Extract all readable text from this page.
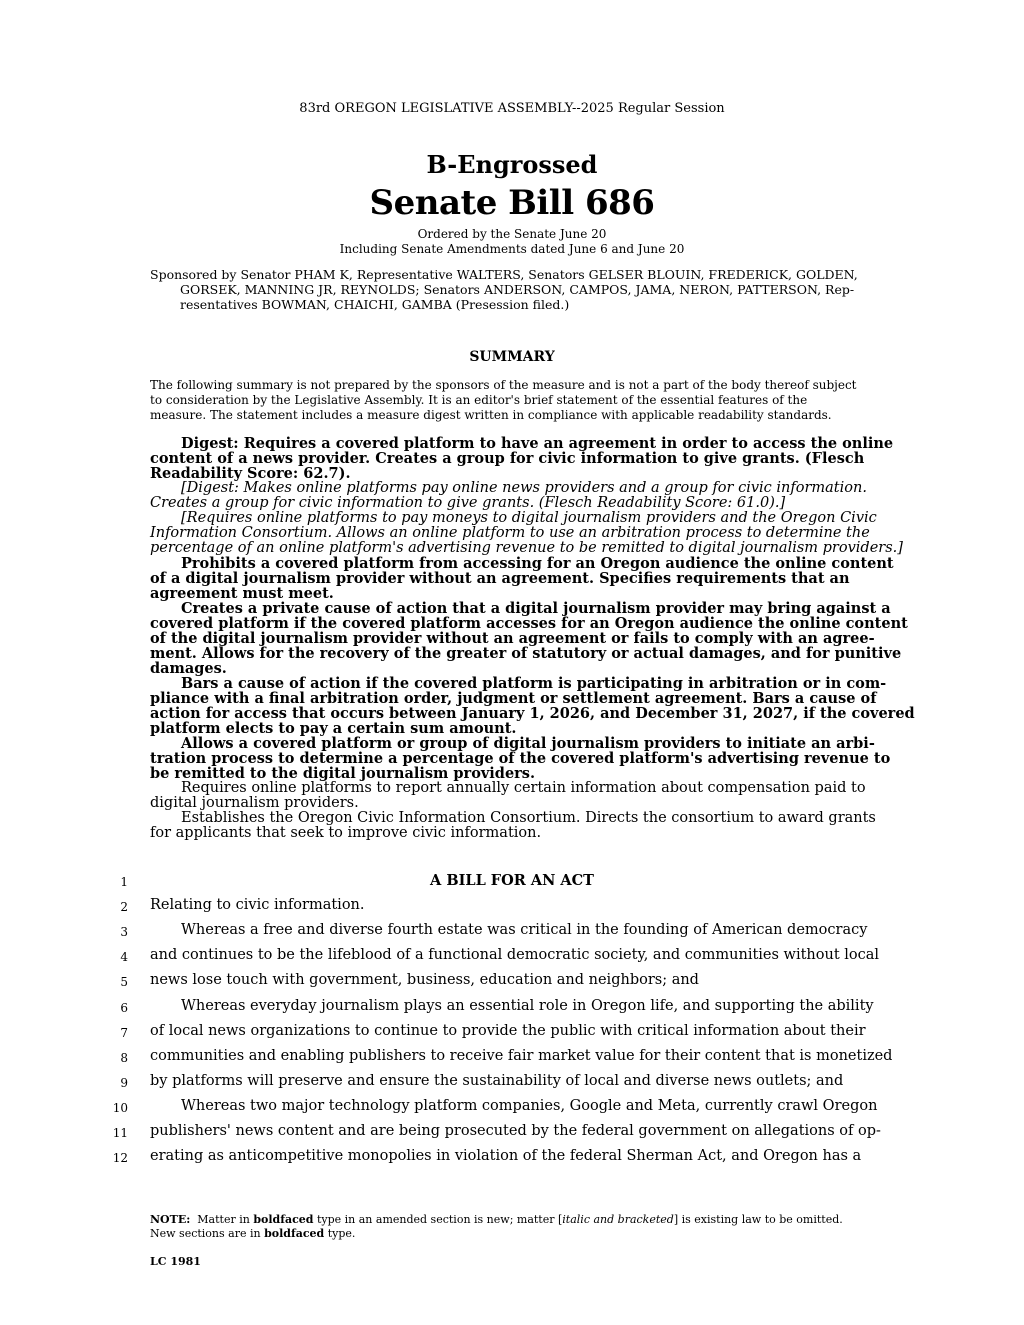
83rd OREGON LEGISLATIVE ASSEMBLY--2025 Regular Session
B-Engrossed
Senate Bill 686
Ordered by the Senate June 20
Including Senate Amendments dated June 6 and June 20
Sponsored by Senator PHAM K, Representative WALTERS, Senators GELSER BLOUIN, FREDERICK, GOLDEN,
GORSEK, MANNING JR, REYNOLDS; Senators ANDERSON, CAMPOS, JAMA, NERON, PATTERSON, Rep-
resentatives BOWMAN, CHAICHI, GAMBA (Presession filed.)
SUMMARY
The following summary is not prepared by the sponsors of the measure and is not a part of the body thereof subject
to consideration by the Legislative Assembly. It is an editor's brief statement of the essential features of the
measure. The statement includes a measure digest written in compliance with applicable readability standards.
Digest: Requires a covered platform to have an agreement in order to access the online
content of a news provider. Creates a group for civic information to give grants. (Flesch
Readability Score: 62.7).
[Digest: Makes online platforms pay online news providers and a group for civic information.
Creates a group for civic information to give grants. (Flesch Readability Score: 61.0).]
[Requires online platforms to pay moneys to digital journalism providers and the Oregon Civic
Information Consortium. Allows an online platform to use an arbitration process to determine the
percentage of an online platform's advertising revenue to be remitted to digital journalism providers.]
Prohibits a covered platform from accessing for an Oregon audience the online content
of a digital journalism provider without an agreement. Specifies requirements that an
agreement must meet.
Creates a private cause of action that a digital journalism provider may bring against a
covered platform if the covered platform accesses for an Oregon audience the online content
of the digital journalism provider without an agreement or fails to comply with an agree-
ment. Allows for the recovery of the greater of statutory or actual damages, and for punitive
damages.
Bars a cause of action if the covered platform is participating in arbitration or in com-
pliance with a final arbitration order, judgment or settlement agreement. Bars a cause of
action for access that occurs between January 1, 2026, and December 31, 2027, if the covered
platform elects to pay a certain sum amount.
Allows a covered platform or group of digital journalism providers to initiate an arbi-
tration process to determine a percentage of the covered platform's advertising revenue to
be remitted to the digital journalism providers.
Requires online platforms to report annually certain information about compensation paid to
digital journalism providers.
Establishes the Oregon Civic Information Consortium. Directs the consortium to award grants
for applicants that seek to improve civic information.
A BILL FOR AN ACT
1
2 Relating to civic information.
3	Whereas a free and diverse fourth estate was critical in the founding of American democracy
4 and continues to be the lifeblood of a functional democratic society, and communities without local
5 news lose touch with government, business, education and neighbors; and
6	Whereas everyday journalism plays an essential role in Oregon life, and supporting the ability
7 of local news organizations to continue to provide the public with critical information about their
8 communities and enabling publishers to receive fair market value for their content that is monetized
9 by platforms will preserve and ensure the sustainability of local and diverse news outlets; and
10	Whereas two major technology platform companies, Google and Meta, currently crawl Oregon
11 publishers' news content and are being prosecuted by the federal government on allegations of op-
12 erating as anticompetitive monopolies in violation of the federal Sherman Act, and Oregon has a
NOTE: Matter in boldfaced type in an amended section is new; matter [italic and bracketed] is existing law to be omitted.
New sections are in boldfaced type.
LC 1981
